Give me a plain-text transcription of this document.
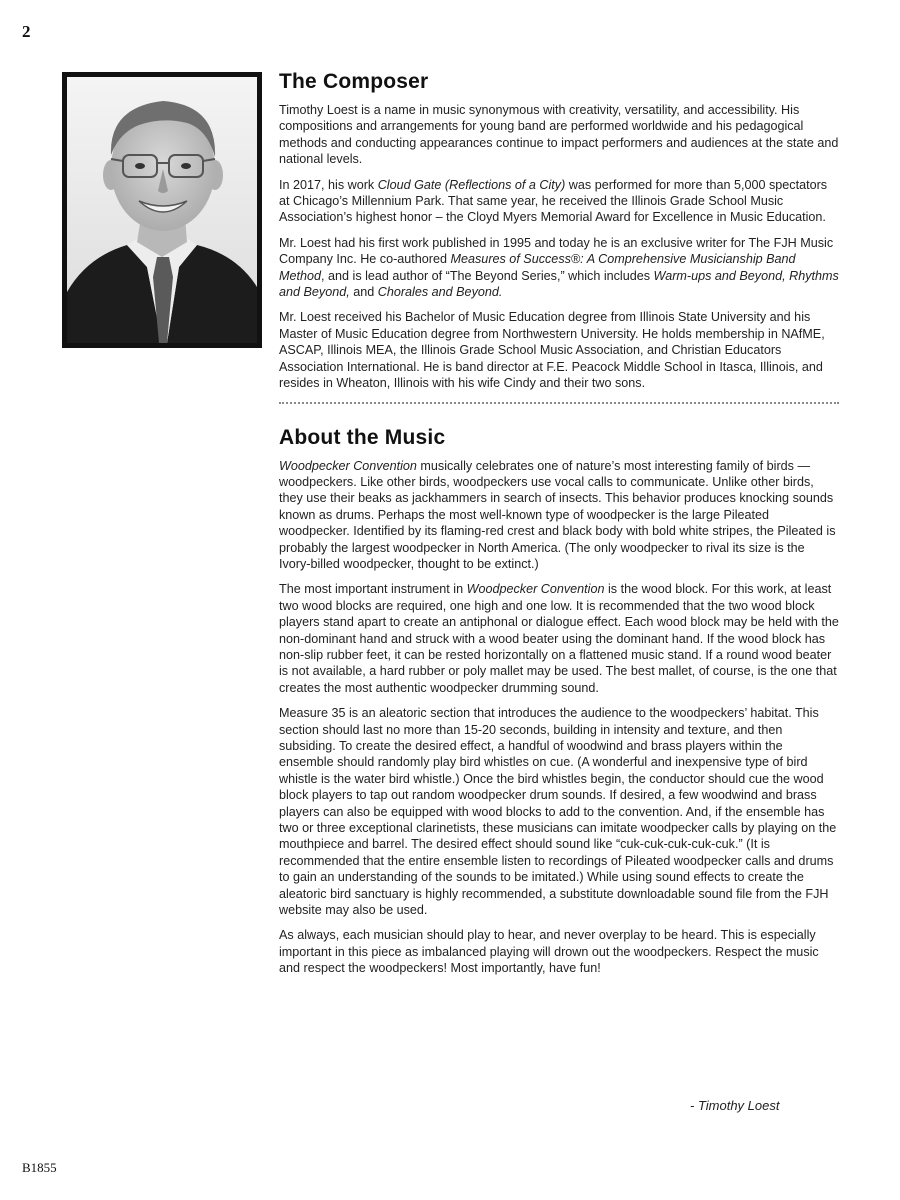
2
The Composer

Timothy Loest is a name in music synonymous with creativity, versatility, and accessibility. His compositions and arrangements for young band are performed worldwide and his pedagogical methods and conducting appearances continue to impact performers and audiences at the state and national levels.

In 2017, his work Cloud Gate (Reflections of a City) was performed for more than 5,000 spectators at Chicago’s Millennium Park. That same year, he received the Illinois Grade School Music Association’s highest honor – the Cloyd Myers Memorial Award for Excellence in Music Education.

Mr. Loest had his first work published in 1995 and today he is an exclusive writer for The FJH Music Company Inc. He co-authored Measures of Success®: A Comprehensive Musicianship Band Method, and is lead author of “The Beyond Series,” which includes Warm-ups and Beyond, Rhythms and Beyond, and Chorales and Beyond.

Mr. Loest received his Bachelor of Music Education degree from Illinois State University and his Master of Music Education degree from Northwestern University. He holds membership in NAfME, ASCAP, Illinois MEA, the Illinois Grade School Music Association, and Christian Educators Association International. He is band director at F.E. Peacock Middle School in Itasca, Illinois, and resides in Wheaton, Illinois with his wife Cindy and their two sons.

About the Music

Woodpecker Convention musically celebrates one of nature’s most interesting family of birds — woodpeckers. Like other birds, woodpeckers use vocal calls to communicate. Unlike other birds, they use their beaks as jackhammers in search of insects. This behavior produces knocking sounds known as drums. Perhaps the most well-known type of woodpecker is the large Pileated woodpecker. Identified by its flaming-red crest and black body with bold white stripes, the Pileated is probably the largest woodpecker in North America. (The only woodpecker to rival its size is the Ivory-billed woodpecker, thought to be extinct.)

The most important instrument in Woodpecker Convention is the wood block. For this work, at least two wood blocks are required, one high and one low. It is recommended that the two wood block players stand apart to create an antiphonal or dialogue effect. Each wood block may be held with the non-dominant hand and struck with a wood beater using the dominant hand. If the wood block has non-slip rubber feet, it can be rested horizontally on a flattened music stand. If a round wood beater is not available, a hard rubber or poly mallet may be used. The best mallet, of course, is the one that creates the most authentic woodpecker drumming sound.

Measure 35 is an aleatoric section that introduces the audience to the woodpeckers’ habitat. This section should last no more than 15-20 seconds, building in intensity and texture, and then subsiding. To create the desired effect, a handful of woodwind and brass players within the ensemble should randomly play bird whistles on cue. (A wonderful and inexpensive type of bird whistle is the water bird whistle.) Once the bird whistles begin, the conductor should cue the wood block players to tap out random woodpecker drum sounds. If desired, a few woodwind and brass players can also be equipped with wood blocks to add to the convention. And, if the ensemble has two or three exceptional clarinetists, these musicians can imitate woodpecker calls by playing on the mouthpiece and barrel. The desired effect should sound like “cuk-cuk-cuk-cuk-cuk.” (It is recommended that the entire ensemble listen to recordings of Pileated woodpecker calls and drums to gain an understanding of the sounds to be imitated.) While using sound effects to create the aleatoric bird sanctuary is highly recommended, a substitute downloadable sound file from the FJH website may also be used.

As always, each musician should play to hear, and never overplay to be heard. This is especially important in this piece as imbalanced playing will drown out the woodpeckers. Respect the music and respect the woodpeckers! Most importantly, have fun!

- Timothy Loest
B1855
